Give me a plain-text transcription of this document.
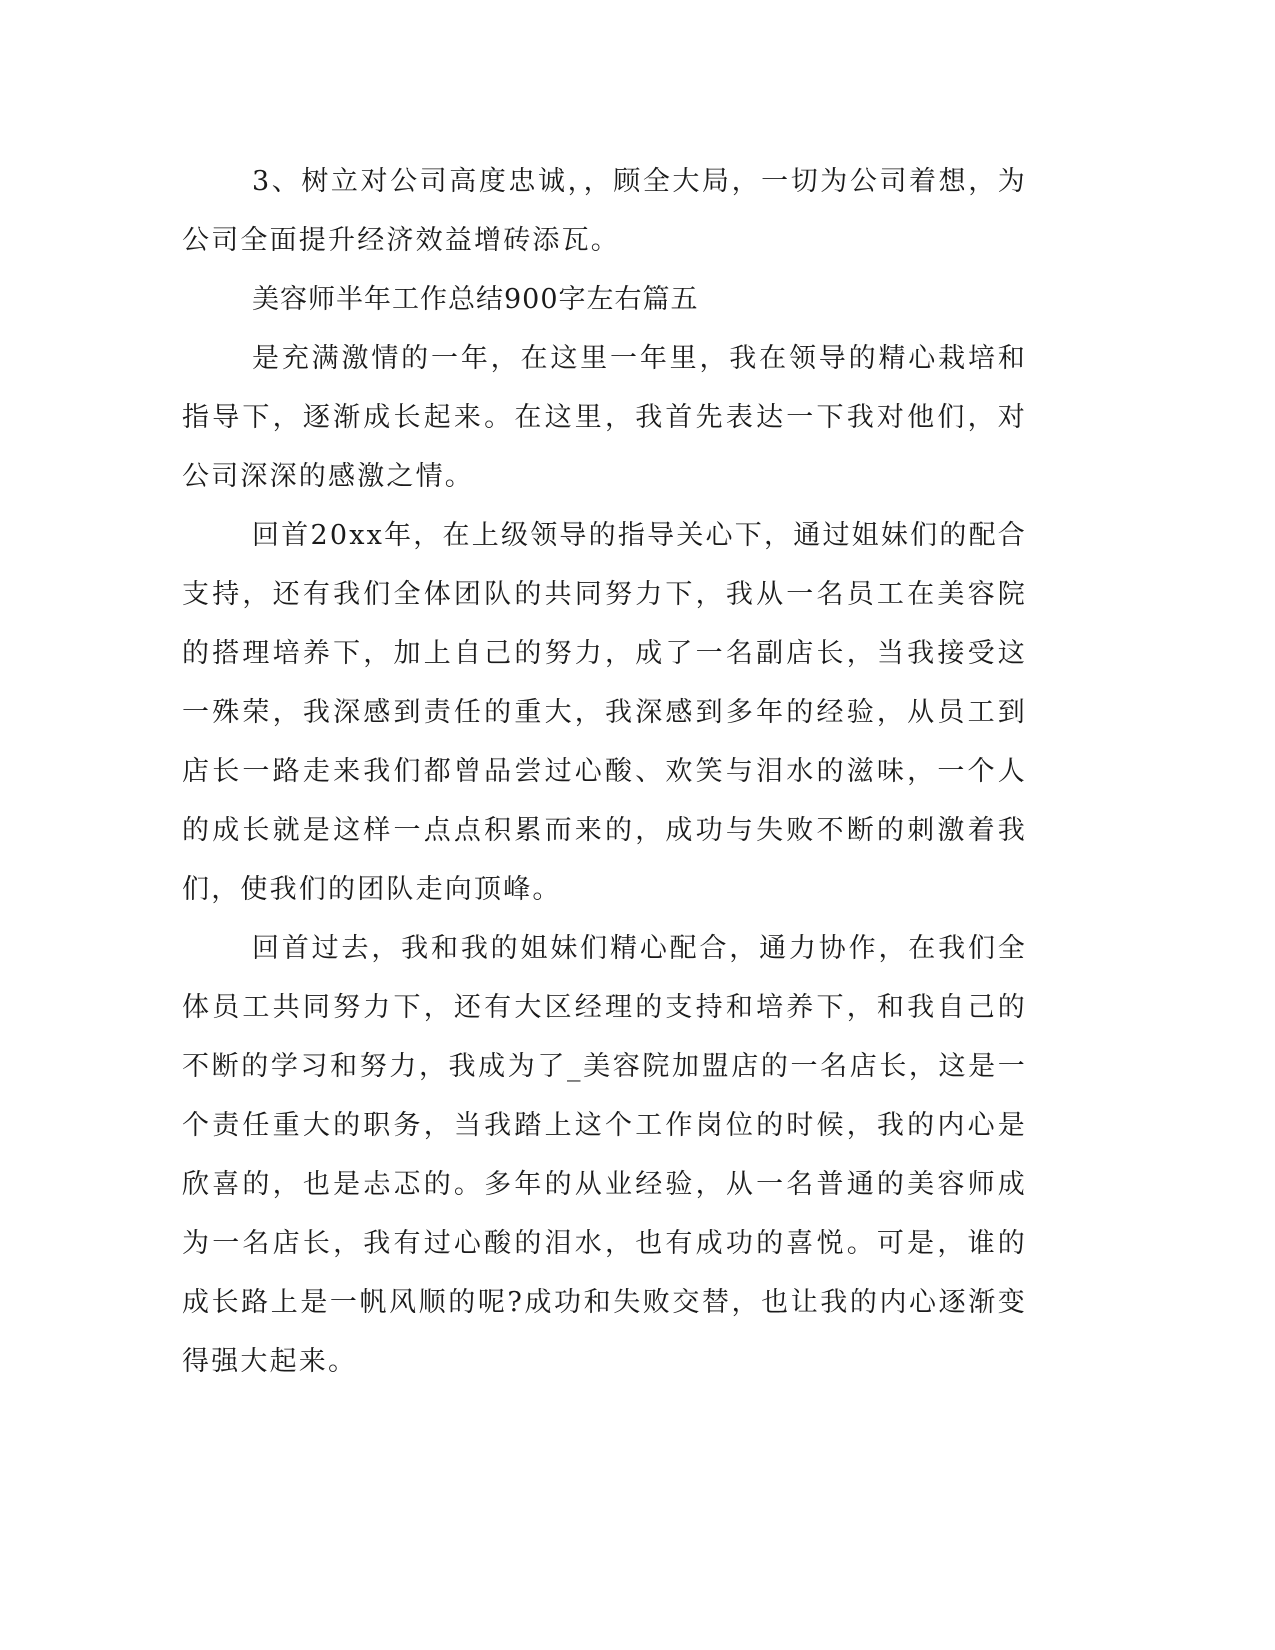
3、树立对公司高度忠诚，，顾全大局，一切为公司着想，为公司全面提升经济效益增砖添瓦。

美容师半年工作总结900字左右篇五

是充满激情的一年，在这里一年里，我在领导的精心栽培和指导下，逐渐成长起来。在这里，我首先表达一下我对他们，对公司深深的感激之情。

回首20xx年，在上级领导的指导关心下，通过姐妹们的配合支持，还有我们全体团队的共同努力下，我从一名员工在美容院的搭理培养下，加上自己的努力，成了一名副店长，当我接受这一殊荣，我深感到责任的重大，我深感到多年的经验，从员工到店长一路走来我们都曾品尝过心酸、欢笑与泪水的滋味，一个人的成长就是这样一点点积累而来的，成功与失败不断的刺激着我们，使我们的团队走向顶峰。

回首过去，我和我的姐妹们精心配合，通力协作，在我们全体员工共同努力下，还有大区经理的支持和培养下，和我自己的不断的学习和努力，我成为了_美容院加盟店的一名店长，这是一个责任重大的职务，当我踏上这个工作岗位的时候，我的内心是欣喜的，也是忐忑的。多年的从业经验，从一名普通的美容师成为一名店长，我有过心酸的泪水，也有成功的喜悦。可是，谁的成长路上是一帆风顺的呢?成功和失败交替，也让我的内心逐渐变得强大起来。
